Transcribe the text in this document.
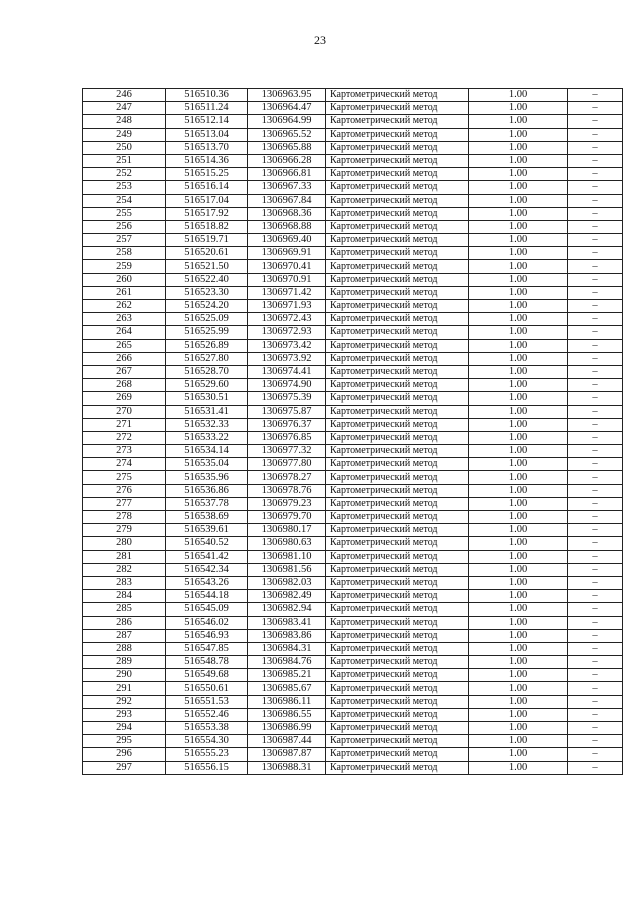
23
246	516510.36	1306963.95	Картометрический метод	1.00	–
247	516511.24	1306964.47	Картометрический метод	1.00	–
248	516512.14	1306964.99	Картометрический метод	1.00	–
249	516513.04	1306965.52	Картометрический метод	1.00	–
250	516513.70	1306965.88	Картометрический метод	1.00	–
251	516514.36	1306966.28	Картометрический метод	1.00	–
252	516515.25	1306966.81	Картометрический метод	1.00	–
253	516516.14	1306967.33	Картометрический метод	1.00	–
254	516517.04	1306967.84	Картометрический метод	1.00	–
255	516517.92	1306968.36	Картометрический метод	1.00	–
256	516518.82	1306968.88	Картометрический метод	1.00	–
257	516519.71	1306969.40	Картометрический метод	1.00	–
258	516520.61	1306969.91	Картометрический метод	1.00	–
259	516521.50	1306970.41	Картометрический метод	1.00	–
260	516522.40	1306970.91	Картометрический метод	1.00	–
261	516523.30	1306971.42	Картометрический метод	1.00	–
262	516524.20	1306971.93	Картометрический метод	1.00	–
263	516525.09	1306972.43	Картометрический метод	1.00	–
264	516525.99	1306972.93	Картометрический метод	1.00	–
265	516526.89	1306973.42	Картометрический метод	1.00	–
266	516527.80	1306973.92	Картометрический метод	1.00	–
267	516528.70	1306974.41	Картометрический метод	1.00	–
268	516529.60	1306974.90	Картометрический метод	1.00	–
269	516530.51	1306975.39	Картометрический метод	1.00	–
270	516531.41	1306975.87	Картометрический метод	1.00	–
271	516532.33	1306976.37	Картометрический метод	1.00	–
272	516533.22	1306976.85	Картометрический метод	1.00	–
273	516534.14	1306977.32	Картометрический метод	1.00	–
274	516535.04	1306977.80	Картометрический метод	1.00	–
275	516535.96	1306978.27	Картометрический метод	1.00	–
276	516536.86	1306978.76	Картометрический метод	1.00	–
277	516537.78	1306979.23	Картометрический метод	1.00	–
278	516538.69	1306979.70	Картометрический метод	1.00	–
279	516539.61	1306980.17	Картометрический метод	1.00	–
280	516540.52	1306980.63	Картометрический метод	1.00	–
281	516541.42	1306981.10	Картометрический метод	1.00	–
282	516542.34	1306981.56	Картометрический метод	1.00	–
283	516543.26	1306982.03	Картометрический метод	1.00	–
284	516544.18	1306982.49	Картометрический метод	1.00	–
285	516545.09	1306982.94	Картометрический метод	1.00	–
286	516546.02	1306983.41	Картометрический метод	1.00	–
287	516546.93	1306983.86	Картометрический метод	1.00	–
288	516547.85	1306984.31	Картометрический метод	1.00	–
289	516548.78	1306984.76	Картометрический метод	1.00	–
290	516549.68	1306985.21	Картометрический метод	1.00	–
291	516550.61	1306985.67	Картометрический метод	1.00	–
292	516551.53	1306986.11	Картометрический метод	1.00	–
293	516552.46	1306986.55	Картометрический метод	1.00	–
294	516553.38	1306986.99	Картометрический метод	1.00	–
295	516554.30	1306987.44	Картометрический метод	1.00	–
296	516555.23	1306987.87	Картометрический метод	1.00	–
297	516556.15	1306988.31	Картометрический метод	1.00	–
